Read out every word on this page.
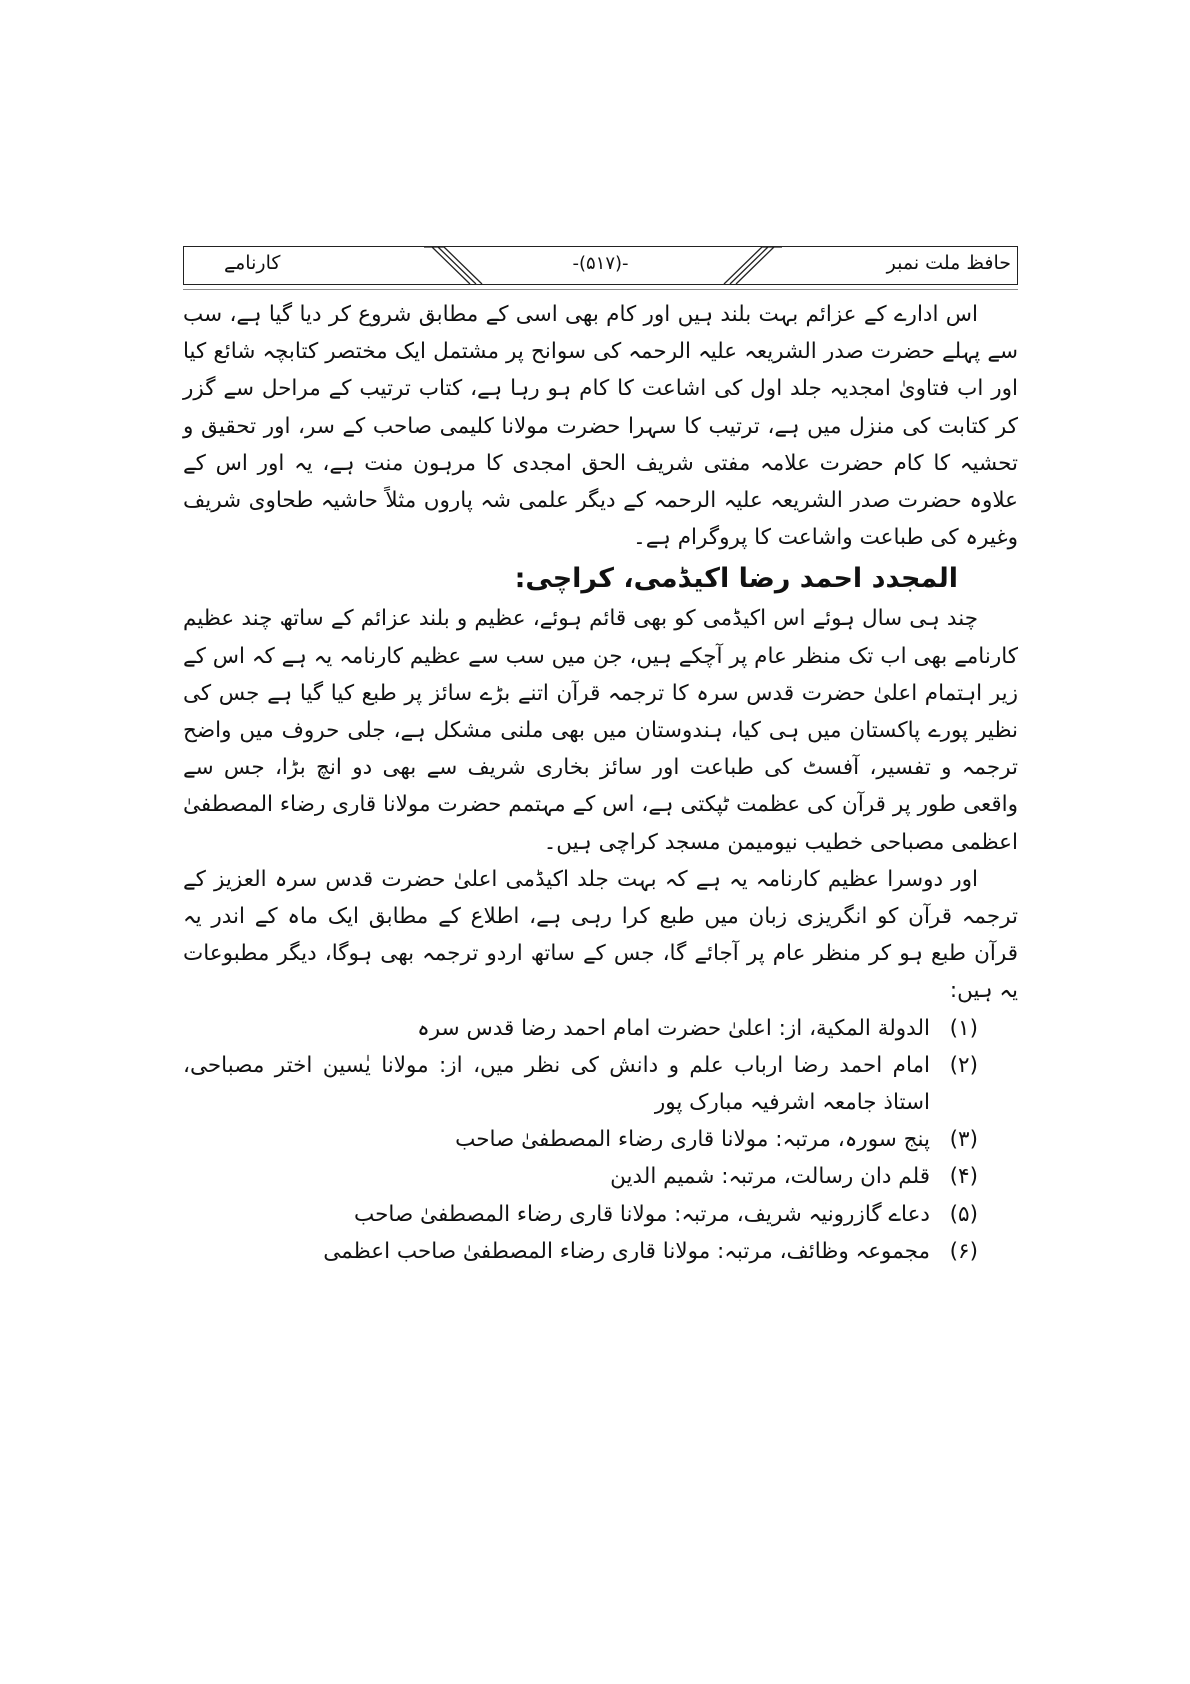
حافظ ملت نمبر
-(۵۱۷)-
کارنامے

اس ادارے کے عزائم بہت بلند ہیں اور کام بھی اسی کے مطابق شروع کر دیا گیا ہے، سب سے پہلے حضرت صدر الشریعہ علیہ الرحمہ کی سوانح پر مشتمل ایک مختصر کتابچہ شائع کیا اور اب فتاویٰ امجدیہ جلد اول کی اشاعت کا کام ہو رہا ہے، کتاب ترتیب کے مراحل سے گزر کر کتابت کی منزل میں ہے، ترتیب کا سہرا حضرت مولانا کلیمی صاحب کے سر، اور تحقیق و تحشیہ کا کام حضرت علامہ مفتی شریف الحق امجدی کا مرہون منت ہے، یہ اور اس کے علاوہ حضرت صدر الشریعہ علیہ الرحمہ کے دیگر علمی شہ پاروں مثلاً حاشیہ طحاوی شریف وغیرہ کی طباعت واشاعت کا پروگرام ہے۔

المجدد احمد رضا اکیڈمی، کراچی:

چند ہی سال ہوئے اس اکیڈمی کو بھی قائم ہوئے، عظیم و بلند عزائم کے ساتھ چند عظیم کارنامے بھی اب تک منظر عام پر آچکے ہیں، جن میں سب سے عظیم کارنامہ یہ ہے کہ اس کے زیر اہتمام اعلیٰ حضرت قدس سرہ کا ترجمہ قرآن اتنے بڑے سائز پر طبع کیا گیا ہے جس کی نظیر پورے پاکستان میں ہی کیا، ہندوستان میں بھی ملنی مشکل ہے، جلی حروف میں واضح ترجمہ و تفسیر، آفسٹ کی طباعت اور سائز بخاری شریف سے بھی دو انچ بڑا، جس سے واقعی طور پر قرآن کی عظمت ٹپکتی ہے، اس کے مہتمم حضرت مولانا قاری رضاء المصطفیٰ اعظمی مصباحی خطیب نیومیمن مسجد کراچی ہیں۔

اور دوسرا عظیم کارنامہ یہ ہے کہ بہت جلد اکیڈمی اعلیٰ حضرت قدس سرہ العزیز کے ترجمہ قرآن کو انگریزی زبان میں طبع کرا رہی ہے، اطلاع کے مطابق ایک ماہ کے اندر یہ قرآن طبع ہو کر منظر عام پر آجائے گا، جس کے ساتھ اردو ترجمہ بھی ہوگا، دیگر مطبوعات یہ ہیں:

(۱)
الدولة المکیة، از: اعلیٰ حضرت امام احمد رضا قدس سرہ
(۲)
امام احمد رضا ارباب علم و دانش کی نظر میں، از: مولانا یٰسین اختر مصباحی، استاذ جامعہ اشرفیہ مبارک پور
(۳)
پنج سورہ، مرتبہ: مولانا قاری رضاء المصطفیٰ صاحب
(۴)
قلم دان رسالت، مرتبہ: شمیم الدین
(۵)
دعاے گازرونیہ شریف، مرتبہ: مولانا قاری رضاء المصطفیٰ صاحب
(۶)
مجموعہ وظائف، مرتبہ: مولانا قاری رضاء المصطفیٰ صاحب اعظمی
